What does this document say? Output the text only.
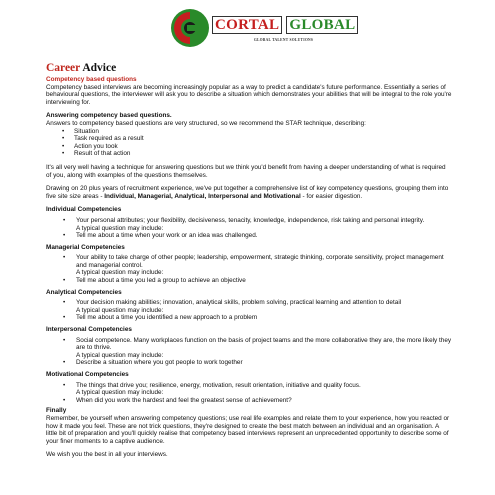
CORTAL GLOBAL
GLOBAL TALENT SOLUTIONS
Career Advice
Competency based questions

Competency based interviews are becoming increasingly popular as a way to predict a candidate's future performance. Essentially a series of behavioural questions, the interviewer will ask you to describe a situation which demonstrates your abilities that will be integral to the role you're interviewing for.

Answering competency based questions.

Answers to competency based questions are very structured, so we recommend the STAR technique, describing:

• Situation
• Task required as a result
• Action you took
• Result of that action

It's all very well having a technique for answering questions but we think you'd benefit from having a deeper understanding of what is required of you, along with examples of the questions themselves.

Drawing on 20 plus years of recruitment experience, we've put together a comprehensive list of key competency questions, grouping them into five site size areas - Individual, Managerial, Analytical, Interpersonal and Motivational - for easier digestion.

Individual Competencies
• Your personal attributes; your flexibility, decisiveness, tenacity, knowledge, independence, risk taking and personal integrity.
A typical question may include:
• Tell me about a time when your work or an idea was challenged.
Managerial Competencies
• Your ability to take charge of other people; leadership, empowerment, strategic thinking, corporate sensitivity, project management and managerial control.
A typical question may include:
• Tell me about a time you led a group to achieve an objective
Analytical Competencies
• Your decision making abilities; innovation, analytical skills, problem solving, practical learning and attention to detail
A typical question may include:
• Tell me about a time you identified a new approach to a problem
Interpersonal Competencies
• Social competence. Many workplaces function on the basis of project teams and the more collaborative they are, the more likely they are to thrive.
A typical question may include:
• Describe a situation where you got people to work together
Motivational Competencies
• The things that drive you; resilience, energy, motivation, result orientation, initiative and quality focus.
A typical question may include:
• When did you work the hardest and feel the greatest sense of achievement?
Finally

Remember, be yourself when answering competency questions; use real life examples and relate them to your experience, how you reacted or how it made you feel. These are not trick questions, they're designed to create the best match between an individual and an organisation. A little bit of preparation and you'll quickly realise that competency based interviews represent an unprecedented opportunity to describe some of your finer moments to a captive audience.

We wish you the best in all your interviews.
